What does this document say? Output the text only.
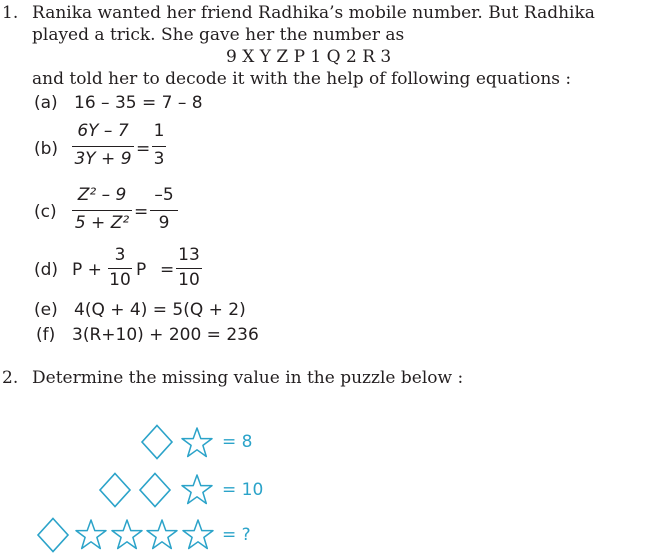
1. Ranika wanted her friend Radhika’s mobile number. But Radhika
played a trick. She gave her the number as
9 X Y Z P 1 Q 2 R 3
and told her to decode it with the help of following equations :
(a) 16 – 35 = 7 – 8
(b)
6Y – 7
3Y + 9 =
1
3
(c)
Z² – 9
5 + Z²
=
–5
9
(d) P +
3
10 P =
13
10
(e) 4(Q + 4) = 5(Q + 2)
(f) 3(R+10) + 200 = 236
2. Determine the missing value in the puzzle below :
= 8
= 10
= ?
